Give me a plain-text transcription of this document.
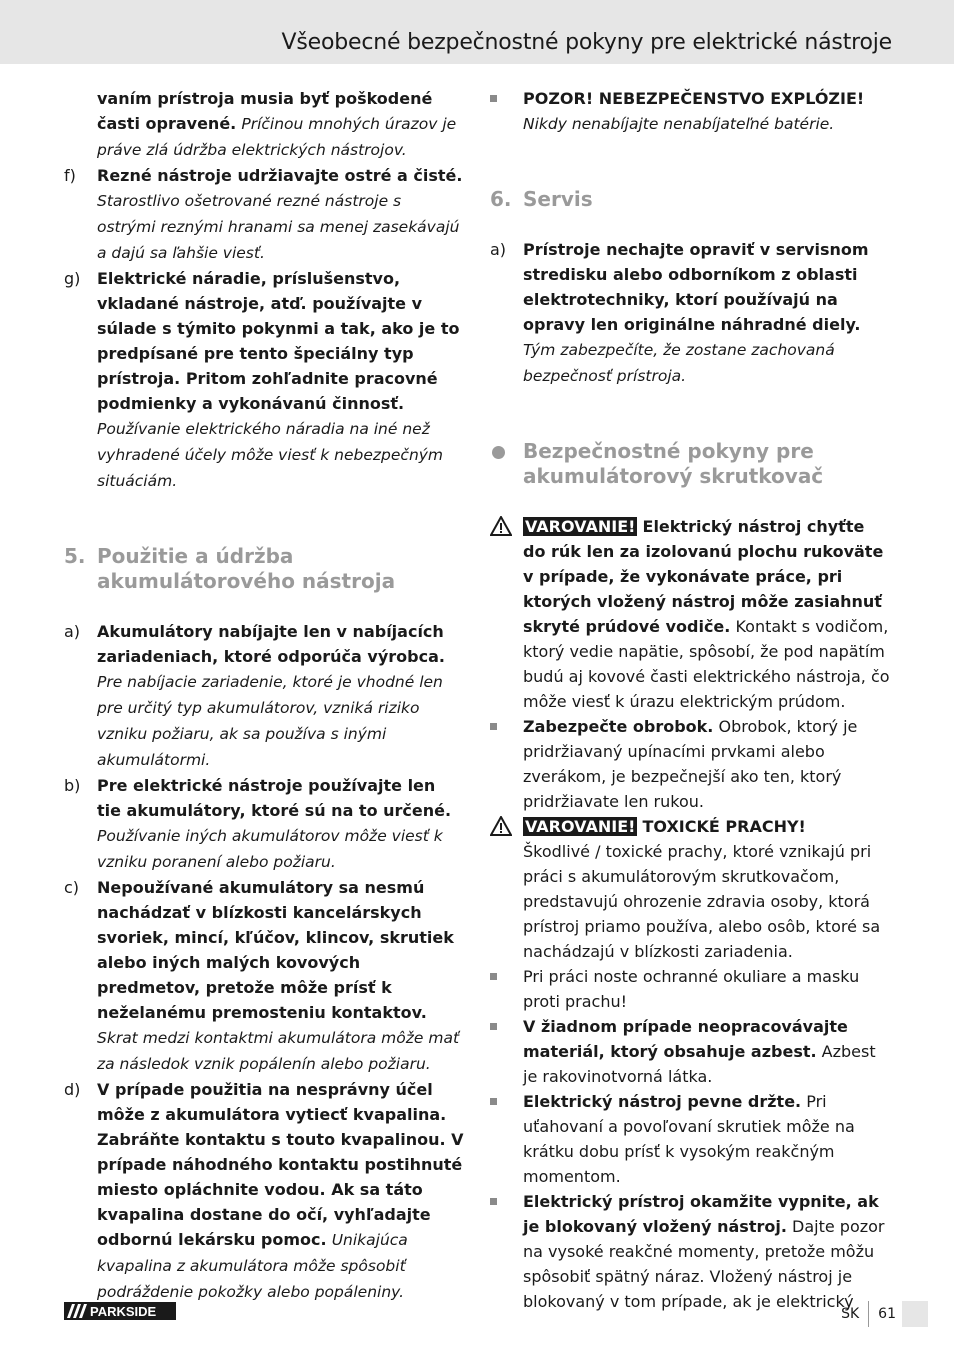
Všeobecné bezpečnostné pokyny pre elektrické nástroje
vaním prístroja musia byť poškodené časti opravené. Príčinou mnohých úrazov je práve zlá údržba elektrických nástrojov.
f) Rezné nástroje udržiavajte ostré a čisté. Starostlivo ošetrované rezné nástroje s ostrými reznými hranami sa menej zasekávajú a dajú sa ľahšie viesť.
g) Elektrické náradie, príslušenstvo, vkladané nástroje, atď. používajte v súlade s týmito pokynmi a tak, ako je to predpísané pre tento špeciálny typ prístroja. Pritom zohľadnite pracovné podmienky a vykonávanú činnosť. Používanie elektrického náradia na iné než vyhradené účely môže viesť k nebezpečným situáciám.
5. Použitie a údržba akumulátorového nástroja
a) Akumulátory nabíjajte len v nabíjacích zariadeniach, ktoré odporúča výrobca. Pre nabíjacie zariadenie, ktoré je vhodné len pre určitý typ akumulátorov, vzniká riziko vzniku požiaru, ak sa používa s inými akumulátormi.
b) Pre elektrické nástroje používajte len tie akumulátory, ktoré sú na to určené. Používanie iných akumulátorov môže viesť k vzniku poranení alebo požiaru.
c) Nepoužívané akumulátory sa nesmú nachádzať v blízkosti kancelárskych svoriek, mincí, kľúčov, klincov, skrutiek alebo iných malých kovových predmetov, pretože môže prísť k neželanému premosteniu kontaktov. Skrat medzi kontaktmi akumulátora môže mať za následok vznik popálenín alebo požiaru.
d) V prípade použitia na nesprávny účel môže z akumulátora vytiecť kvapalina. Zabráňte kontaktu s touto kvapalinou. V prípade náhodného kontaktu postihnuté miesto opláchnite vodou. Ak sa táto kvapalina dostane do očí, vyhľadajte odbornú lekársku pomoc. Unikajúca kvapalina z akumulátora môže spôsobiť podráždenie pokožky alebo popáleniny.
POZOR! NEBEZPEČENSTVO EXPLÓZIE!
Nikdy nenabíjajte nenabíjateľné batérie.
6. Servis
a) Prístroje nechajte opraviť v servisnom stredisku alebo odborníkom z oblasti elektrotechniky, ktorí používajú na opravy len originálne náhradné diely. Tým zabezpečíte, že zostane zachovaná bezpečnosť prístroja.
Bezpečnostné pokyny pre akumulátorový skrutkovač
VAROVANIE! Elektrický nástroj chyťte do rúk len za izolovanú plochu rukoväte v prípade, že vykonávate práce, pri ktorých vložený nástroj môže zasiahnuť skryté prúdové vodiče. Kontakt s vodičom, ktorý vedie napätie, spôsobí, že pod napätím budú aj kovové časti elektrického nástroja, čo môže viesť k úrazu elektrickým prúdom.
Zabezpečte obrobok. Obrobok, ktorý je pridržiavaný upínacími prvkami alebo zverákom, je bezpečnejší ako ten, ktorý pridržiavate len rukou.
VAROVANIE! TOXICKÉ PRACHY!
Škodlivé / toxické prachy, ktoré vznikajú pri práci s akumulátorovým skrutkovačom, predstavujú ohrozenie zdravia osoby, ktorá prístroj priamo používa, alebo osôb, ktoré sa nachádzajú v blízkosti zariadenia.
Pri práci noste ochranné okuliare a masku proti prachu!
V žiadnom prípade neopracovávajte materiál, ktorý obsahuje azbest. Azbest je rakovinotvorná látka.
Elektrický nástroj pevne držte. Pri uťahovaní a povoľovaní skrutiek môže na krátku dobu prísť k vysokým reakčným momentom.
Elektrický prístroj okamžite vypnite, ak je blokovaný vložený nástroj. Dajte pozor na vysoké reakčné momenty, pretože môžu spôsobiť spätný náraz. Vložený nástroj je blokovaný v tom prípade, ak je elektrický
PARKSIDE	SK 61
